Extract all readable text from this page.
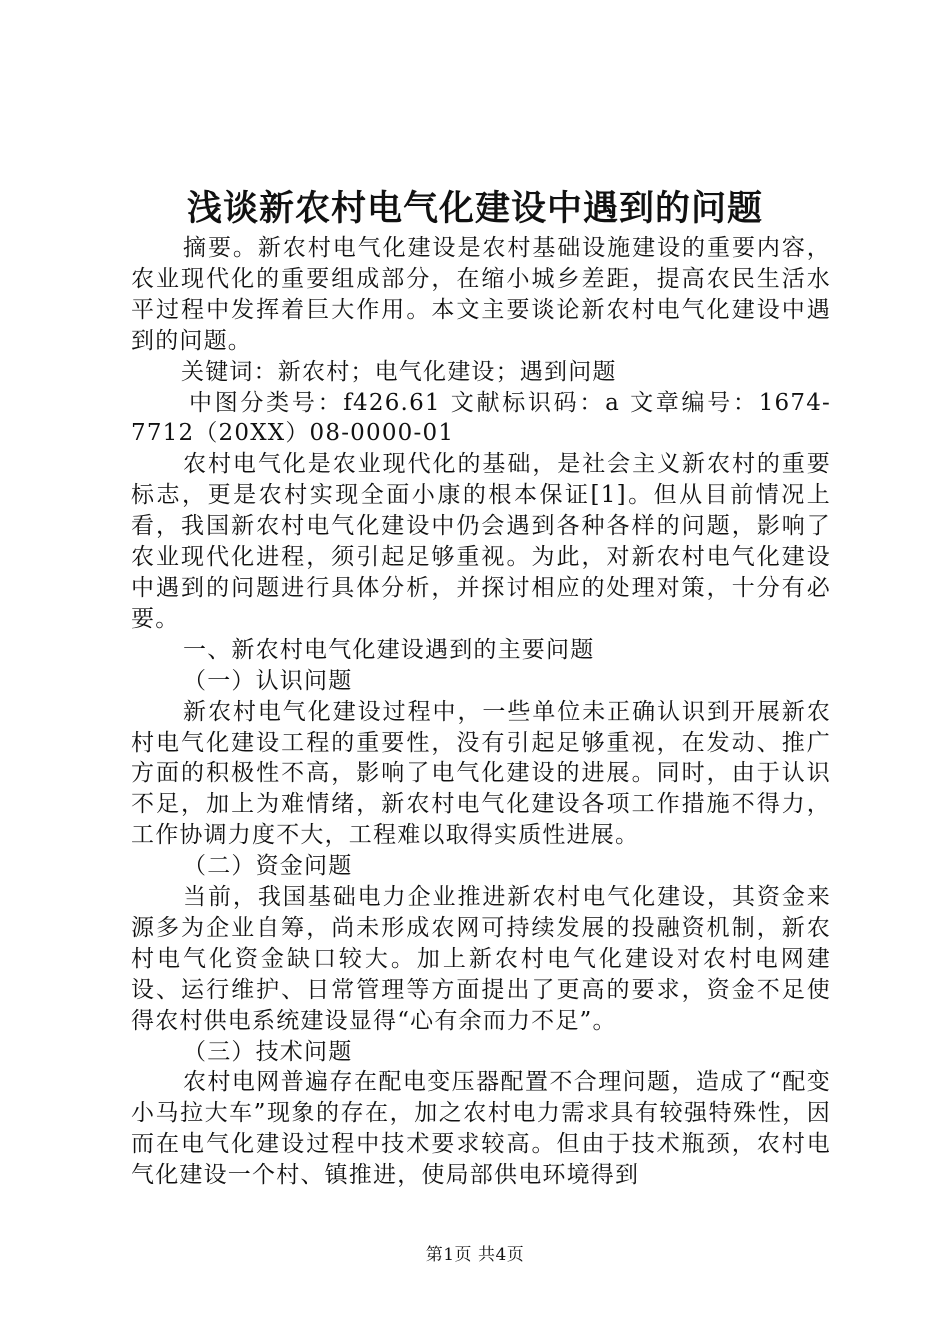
浅谈新农村电气化建设中遇到的问题

摘要。新农村电气化建设是农村基础设施建设的重要内容，农业现代化的重要组成部分，在缩小城乡差距，提高农民生活水平过程中发挥着巨大作用。本文主要谈论新农村电气化建设中遇到的问题。

关键词：新农村；电气化建设；遇到问题

中图分类号：f426.61 文献标识码：a 文章编号：1674-7712（20XX）08-0000-01

农村电气化是农业现代化的基础，是社会主义新农村的重要标志，更是农村实现全面小康的根本保证[1]。但从目前情况上看，我国新农村电气化建设中仍会遇到各种各样的问题，影响了农业现代化进程，须引起足够重视。为此，对新农村电气化建设中遇到的问题进行具体分析，并探讨相应的处理对策，十分有必要。

一、新农村电气化建设遇到的主要问题

（一）认识问题

新农村电气化建设过程中，一些单位未正确认识到开展新农村电气化建设工程的重要性，没有引起足够重视，在发动、推广方面的积极性不高，影响了电气化建设的进展。同时，由于认识不足，加上为难情绪，新农村电气化建设各项工作措施不得力，工作协调力度不大，工程难以取得实质性进展。

（二）资金问题

当前，我国基础电力企业推进新农村电气化建设，其资金来源多为企业自筹，尚未形成农网可持续发展的投融资机制，新农村电气化资金缺口较大。加上新农村电气化建设对农村电网建设、运行维护、日常管理等方面提出了更高的要求，资金不足使得农村供电系统建设显得“心有余而力不足”。

（三）技术问题

农村电网普遍存在配电变压器配置不合理问题，造成了“配变小马拉大车”现象的存在，加之农村电力需求具有较强特殊性，因而在电气化建设过程中技术要求较高。但由于技术瓶颈，农村电气化建设一个村、镇推进，使局部供电环境得到

第1页 共4页
